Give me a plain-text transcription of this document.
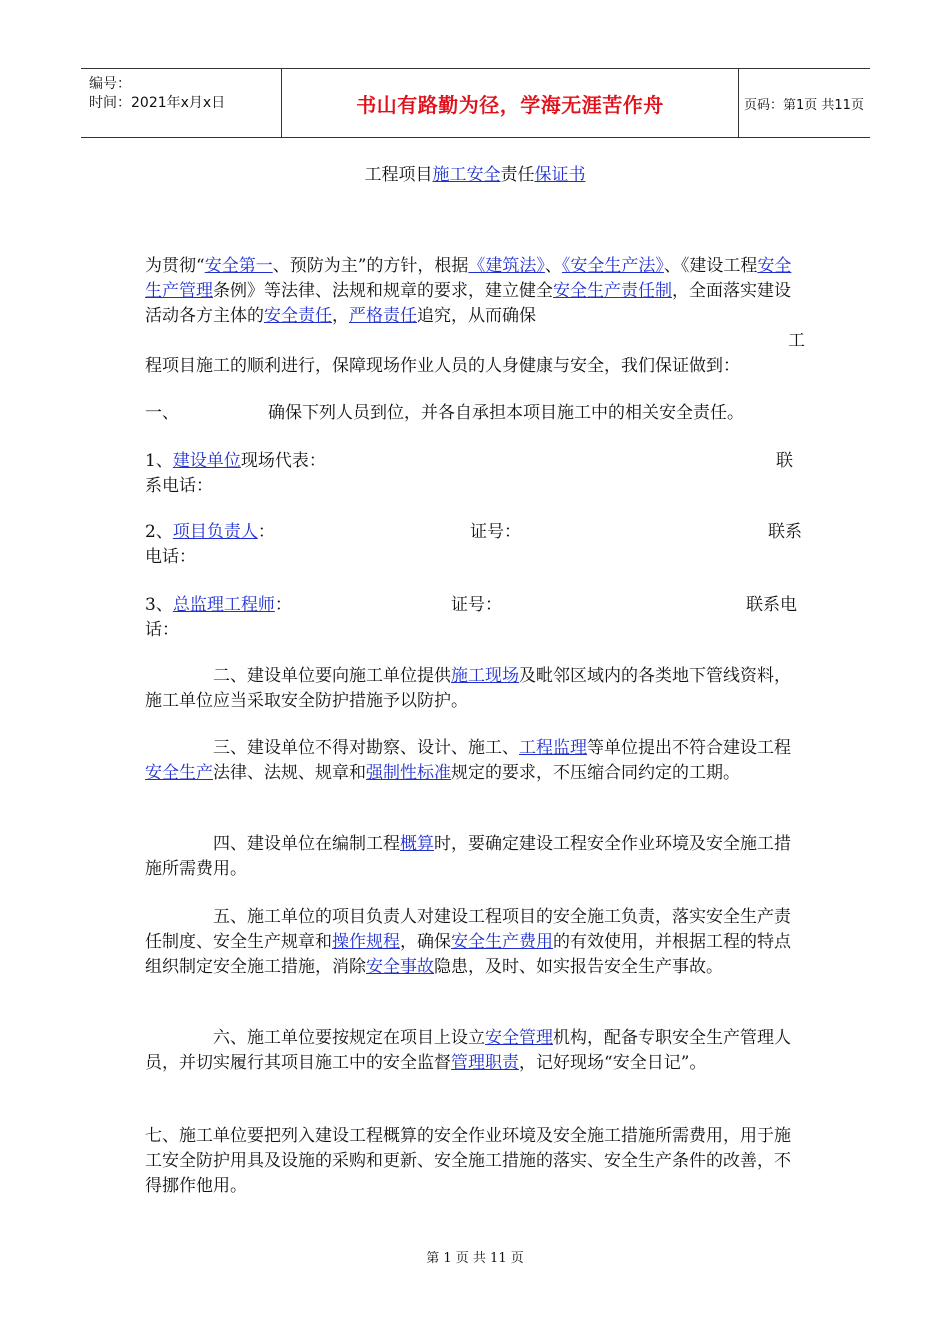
编号：
时间：2021年x月x日	书山有路勤为径，学海无涯苦作舟	页码：第1页 共11页
工程项目施工安全责任保证书
为贯彻“安全第一、预防为主”的方针，根据《建筑法》、《安全生产法》、《建设工程安全生产管理条例》等法律、法规和规章的要求，建立健全安全生产责任制，全面落实建设活动各方主体的安全责任，严格责任追究，从而确保
工
程项目施工的顺利进行，保障现场作业人员的人身健康与安全，我们保证做到：
一、	确保下列人员到位，并各自承担本项目施工中的相关安全责任。
1、建设单位现场代表：	联
系电话：
2、项目负责人：	证号：	联系
电话：
3、总监理工程师：	证号：	联系电
话：
二、建设单位要向施工单位提供施工现场及毗邻区域内的各类地下管线资料，施工单位应当采取安全防护措施予以防护。
三、建设单位不得对勘察、设计、施工、工程监理等单位提出不符合建设工程安全生产法律、法规、规章和强制性标准规定的要求，不压缩合同约定的工期。
四、建设单位在编制工程概算时，要确定建设工程安全作业环境及安全施工措施所需费用。
五、施工单位的项目负责人对建设工程项目的安全施工负责，落实安全生产责任制度、安全生产规章和操作规程，确保安全生产费用的有效使用，并根据工程的特点组织制定安全施工措施，消除安全事故隐患，及时、如实报告安全生产事故。
六、施工单位要按规定在项目上设立安全管理机构，配备专职安全生产管理人员，并切实履行其项目施工中的安全监督管理职责，记好现场“安全日记”。
七、施工单位要把列入建设工程概算的安全作业环境及安全施工措施所需费用，用于施工安全防护用具及设施的采购和更新、安全施工措施的落实、安全生产条件的改善，不得挪作他用。
第 1 页 共 11 页
